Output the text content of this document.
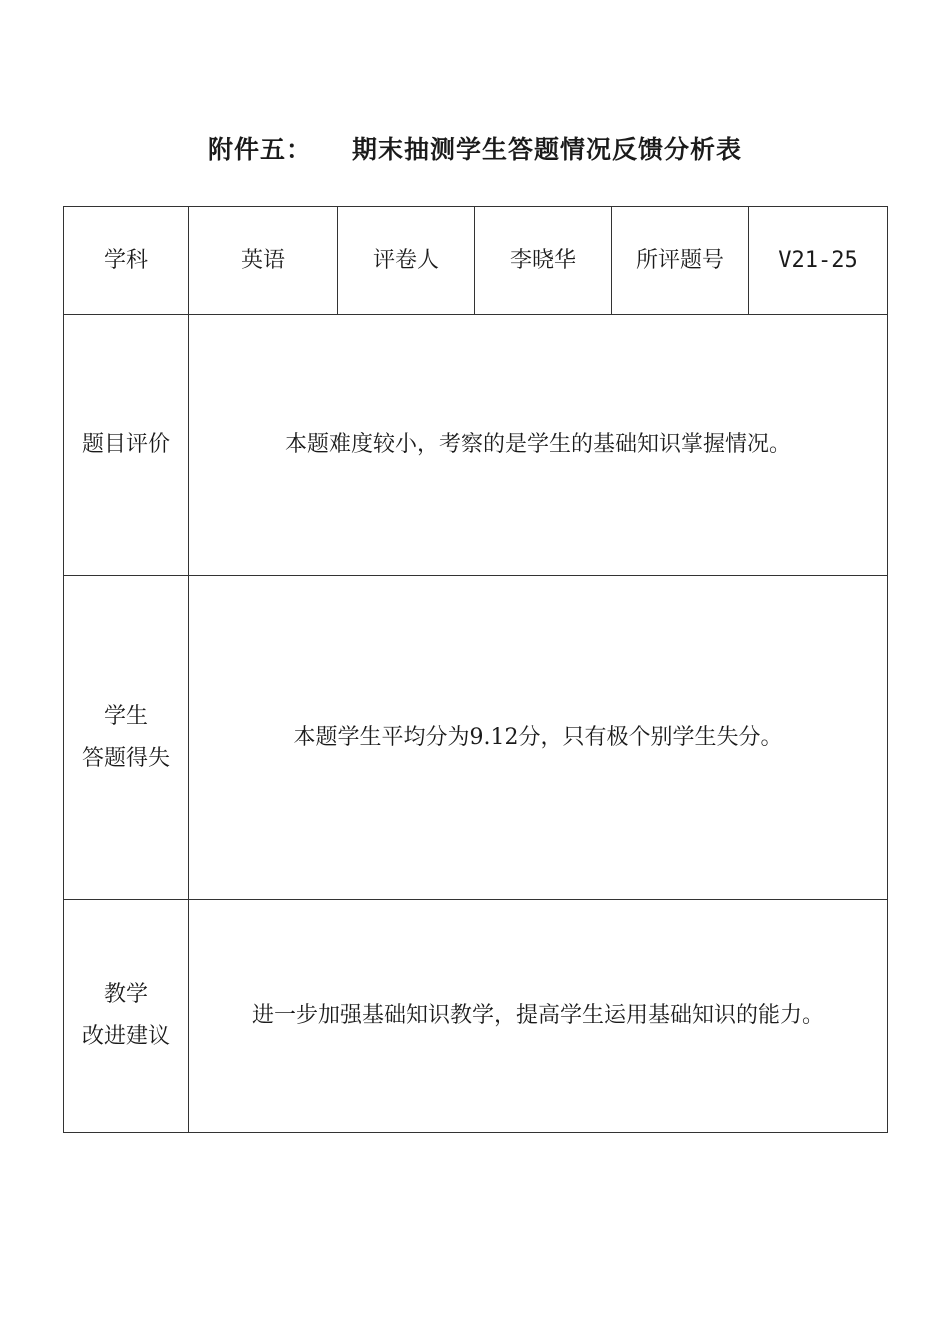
附件五： 期末抽测学生答题情况反馈分析表
学科	英语	评卷人	李晓华	所评题号	V21-25
题目评价	本题难度较小，考察的是学生的基础知识掌握情况。				

学生
答题得失	本题学生平均分为9.12分，只有极个别学生失分。				

教学
改进建议	进一步加强基础知识教学，提高学生运用基础知识的能力。				
